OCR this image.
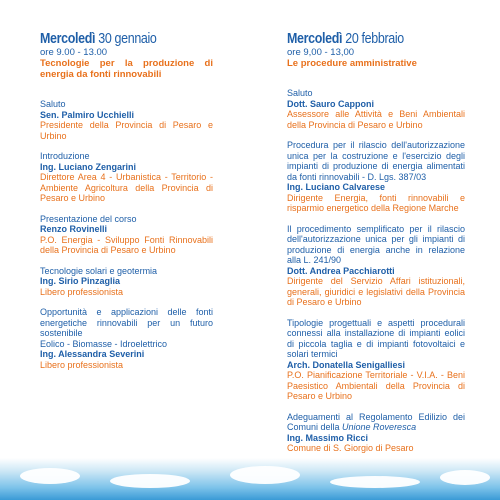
Mercoledì 30 gennaio
ore 9.00 - 13.00
Tecnologie per la produzione di energia da fonti rinnovabili
Saluto
Sen. Palmiro Ucchielli
Presidente della Provincia di Pesaro e Urbino
Introduzione
Ing. Luciano Zengarini
Direttore Area 4 - Urbanistica - Territorio - Ambiente Agricoltura della Provincia di Pesaro e Urbino
Presentazione del corso
Renzo Rovinelli
P.O. Energia - Sviluppo Fonti Rinnovabili della Provincia di Pesaro e Urbino
Tecnologie solari e geotermia
Ing. Sirio Pinzaglia
Libero professionista
Opportunità e applicazioni delle fonti energetiche rinnovabili per un futuro sostenibile
Eolico - Biomasse - Idroelettrico
Ing. Alessandra Severini
Libero professionista
Mercoledì 20 febbraio
ore 9,00 - 13,00
Le procedure amministrative
Saluto
Dott. Sauro Capponi
Assessore alle Attività e Beni Ambientali della Provincia di Pesaro e Urbino
Procedura per il rilascio dell'autorizzazione unica per la costruzione e l'esercizio degli impianti di produzione di energia alimentati da fonti rinnovabili - D. Lgs. 387/03
Ing. Luciano Calvarese
Dirigente Energia, fonti rinnovabili e risparmio energetico della Regione Marche
Il procedimento semplificato per il rilascio dell'autorizzazione unica per gli impianti di produzione di energia anche in relazione alla L. 241/90
Dott. Andrea Pacchiarotti
Dirigente del Servizio Affari istituzionali, generali, giuridici e legislativi della Provincia di Pesaro e Urbino
Tipologie progettuali e aspetti procedurali connessi alla installazione di impianti eolici di piccola taglia e di impianti fotovoltaici e solari termici
Arch. Donatella Senigalliesi
P.O. Pianificazione Territoriale - V.I.A. - Beni Paesistico Ambientali della Provincia di Pesaro e Urbino
Adeguamenti al Regolamento Edilizio dei Comuni della Unione Roveresca
Ing. Massimo Ricci
Comune di S. Giorgio di Pesaro
